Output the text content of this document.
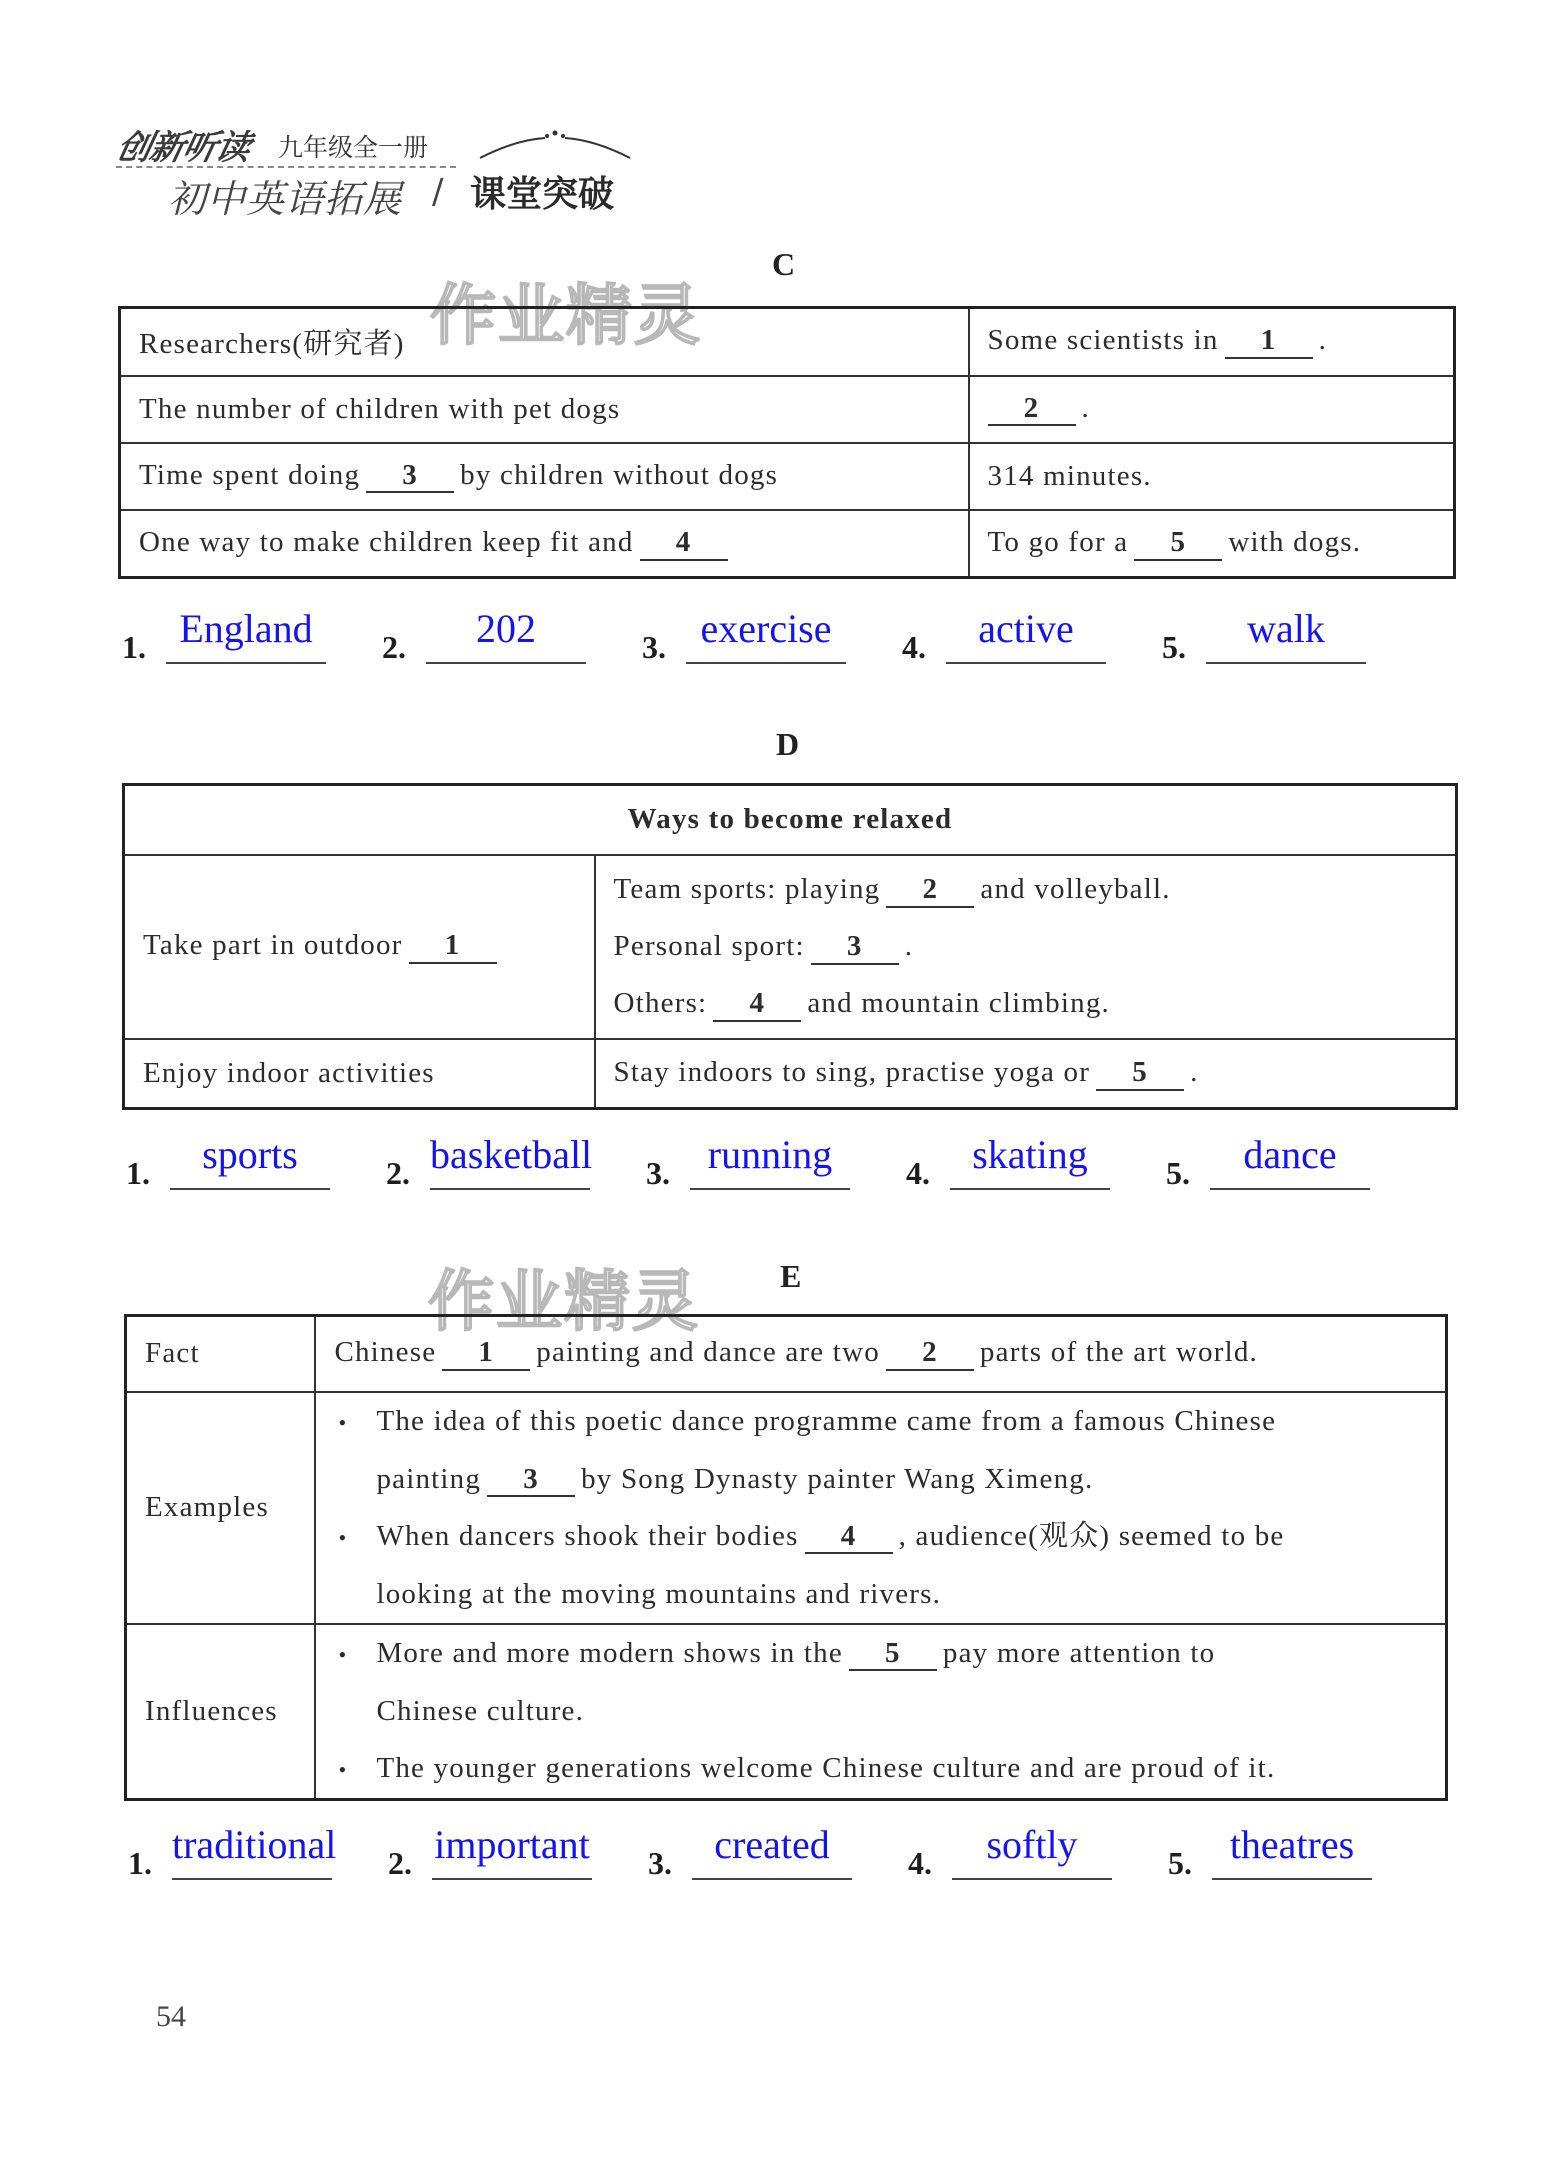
创新听读 九年级全一册
初中英语拓展 / 课堂突破
作业精灵
C
Researchers(研究者)	Some scientists in 1 .
The number of children with pet dogs	2 .
Time spent doing 3 by children without dogs	314 minutes.
One way to make children keep fit and 4	To go for a 5 with dogs.
1. England	2.	202	3. exercise	4.	active	5.	walk
D
Ways to become relaxed	
Take part in outdoor 1	Team sports: playing 2 and volleyball.
Personal sport: 3 .
Others: 4 and mountain climbing.

Enjoy indoor activities	Stay indoors to sing, practise yoga or 5 .
1.	sports	2. basketball 3. running	4.	skating	5.	dance
作业精灵	E
Fact	Chinese 1 painting and dance are two 2 parts of the art world.
Examples	• The idea of this poetic dance programme came from a famous Chinese
painting 3 by Song Dynasty painter Wang Ximeng.
• When dancers shook their bodies 4 , audience(观众) seemed to be
looking at the moving mountains and rivers.

Influences	• More and more modern shows in the 5 pay more attention to
Chinese culture.
• The younger generations welcome Chinese culture and are proud of it.
1. traditional 2. important 3.	created	4.	softly	5. theatres
54
